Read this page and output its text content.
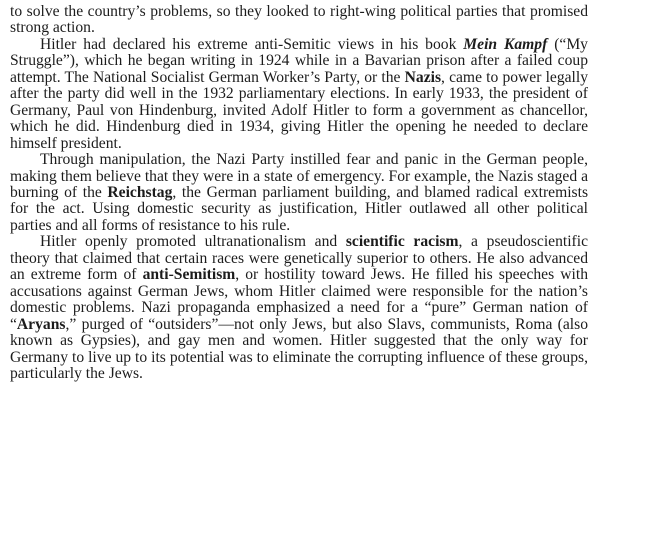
to solve the country’s problems, so they looked to right-wing political parties that promised strong action.

Hitler had declared his extreme anti-Semitic views in his book Mein Kampf (“My Struggle”), which he began writing in 1924 while in a Bavarian prison after a failed coup attempt. The National Socialist German Worker’s Party, or the Nazis, came to power legally after the party did well in the 1932 parliamentary elections. In early 1933, the president of Germany, Paul von Hindenburg, invited Adolf Hitler to form a government as chancellor, which he did. Hindenburg died in 1934, giving Hitler the opening he needed to declare himself president.

Through manipulation, the Nazi Party instilled fear and panic in the German people, making them believe that they were in a state of emergency. For example, the Nazis staged a burning of the Reichstag, the German parliament building, and blamed radical extremists for the act. Using domestic security as justification, Hitler outlawed all other political parties and all forms of resistance to his rule.

Hitler openly promoted ultranationalism and scientific racism, a pseudoscientific theory that claimed that certain races were genetically superior to others. He also advanced an extreme form of anti-Semitism, or hostility toward Jews. He filled his speeches with accusations against German Jews, whom Hitler claimed were responsible for the nation’s domestic problems. Nazi propaganda emphasized a need for a “pure” German nation of “Aryans,” purged of “outsiders”—not only Jews, but also Slavs, communists, Roma (also known as Gypsies), and gay men and women. Hitler suggested that the only way for Germany to live up to its potential was to eliminate the corrupting influence of these groups, particularly the Jews.
